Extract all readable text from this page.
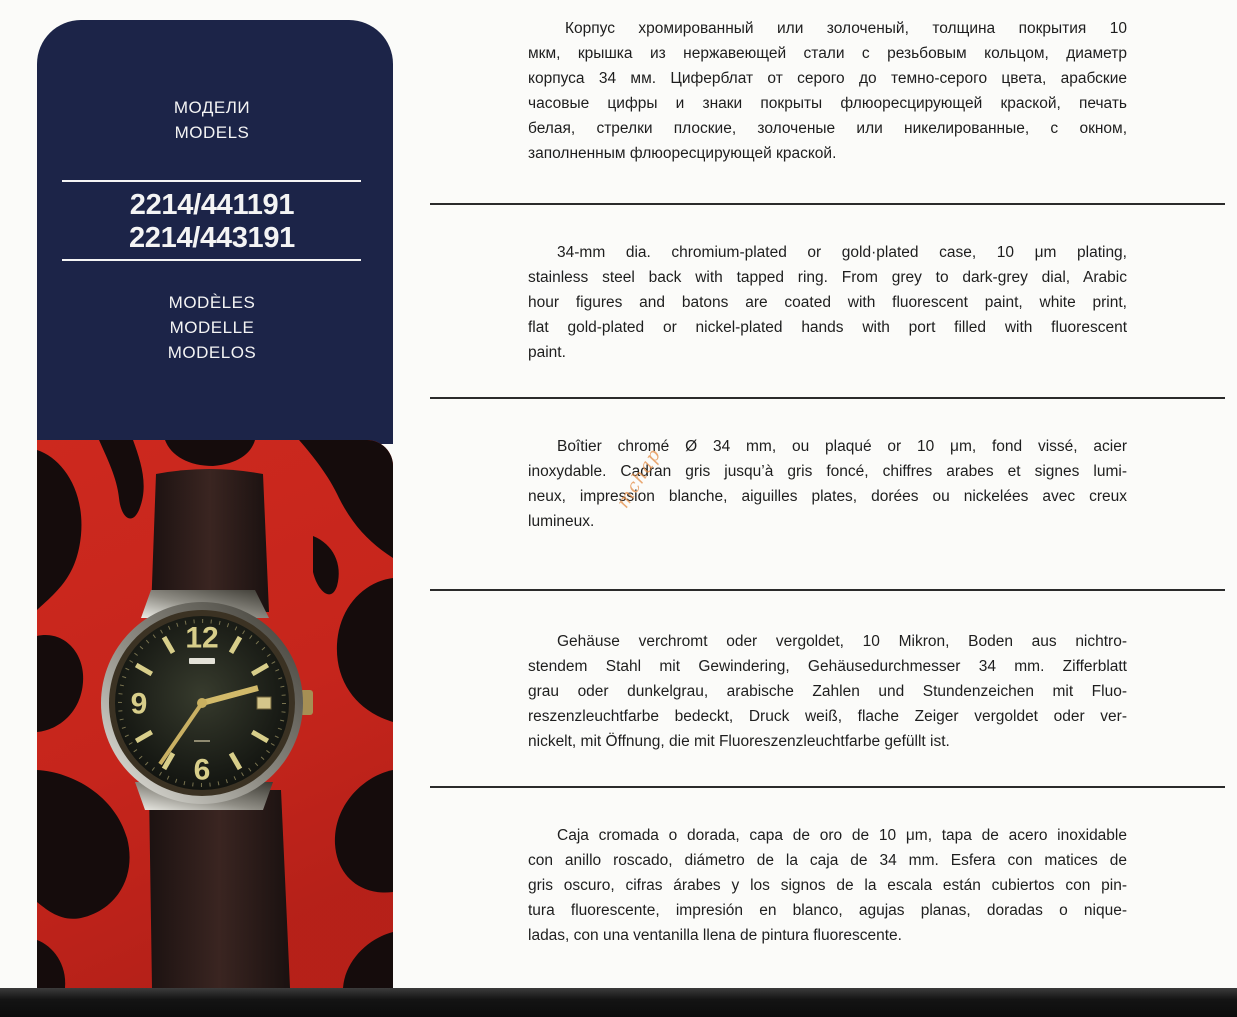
МОДЕЛИ
MODELS
2214/441191
2214/443191
MODÈLES
MODELLE
MODELOS
12
9
6
Корпус хромированный или золоченый, толщина покрытия 10
мкм, крышка из нержавеющей стали с резьбовым кольцом, диаметр
корпуса 34 мм. Циферблат от серого до темно-серого цвета, арабские
часовые цифры и знаки покрыты флюоресцирующей краской, печать
белая, стрелки плоские, золоченые или никелированные, с окном,
заполненным флюоресцирующей краской.
34-mm dia. chromium-plated or gold·plated case, 10 μm plating,
stainless steel back with tapped ring. From grey to dark-grey dial, Arabic
hour figures and batons are coated with fluorescent paint, white print,
flat gold-plated or nickel-plated hands with port filled with fluorescent
paint.
Boîtier chromé Ø 34 mm, ou plaqué or 10 μm, fond vissé, acier
inoxydable. Cadran gris jusqu’à gris foncé, chiffres arabes et signes lumi-
neux, impression blanche, aiguilles plates, dorées ou nickelées avec creux
lumineux.
Gehäuse verchromt oder vergoldet, 10 Mikron, Boden aus nichtro-
stendem Stahl mit Gewindering, Gehäusedurchmesser 34 mm. Zifferblatt
grau oder dunkelgrau, arabische Zahlen und Stundenzeichen mit Fluo-
reszenzleuchtfarbe bedeckt, Druck weiß, flache Zeiger vergoldet oder ver-
nickelt, mit Öffnung, die mit Fluoreszenzleuchtfarbe gefüllt ist.
Caja cromada o dorada, capa de oro de 10 μm, tapa de acero inoxidable
con anillo roscado, diámetro de la caja de 34 mm. Esfera con matices de
gris oscuro, cifras árabes y los signos de la escala están cubiertos con pin-
tura fluorescente, impresión en blanco, agujas planas, doradas o nique-
ladas, con una ventanilla llena de pintura fluorescente.
mchap
